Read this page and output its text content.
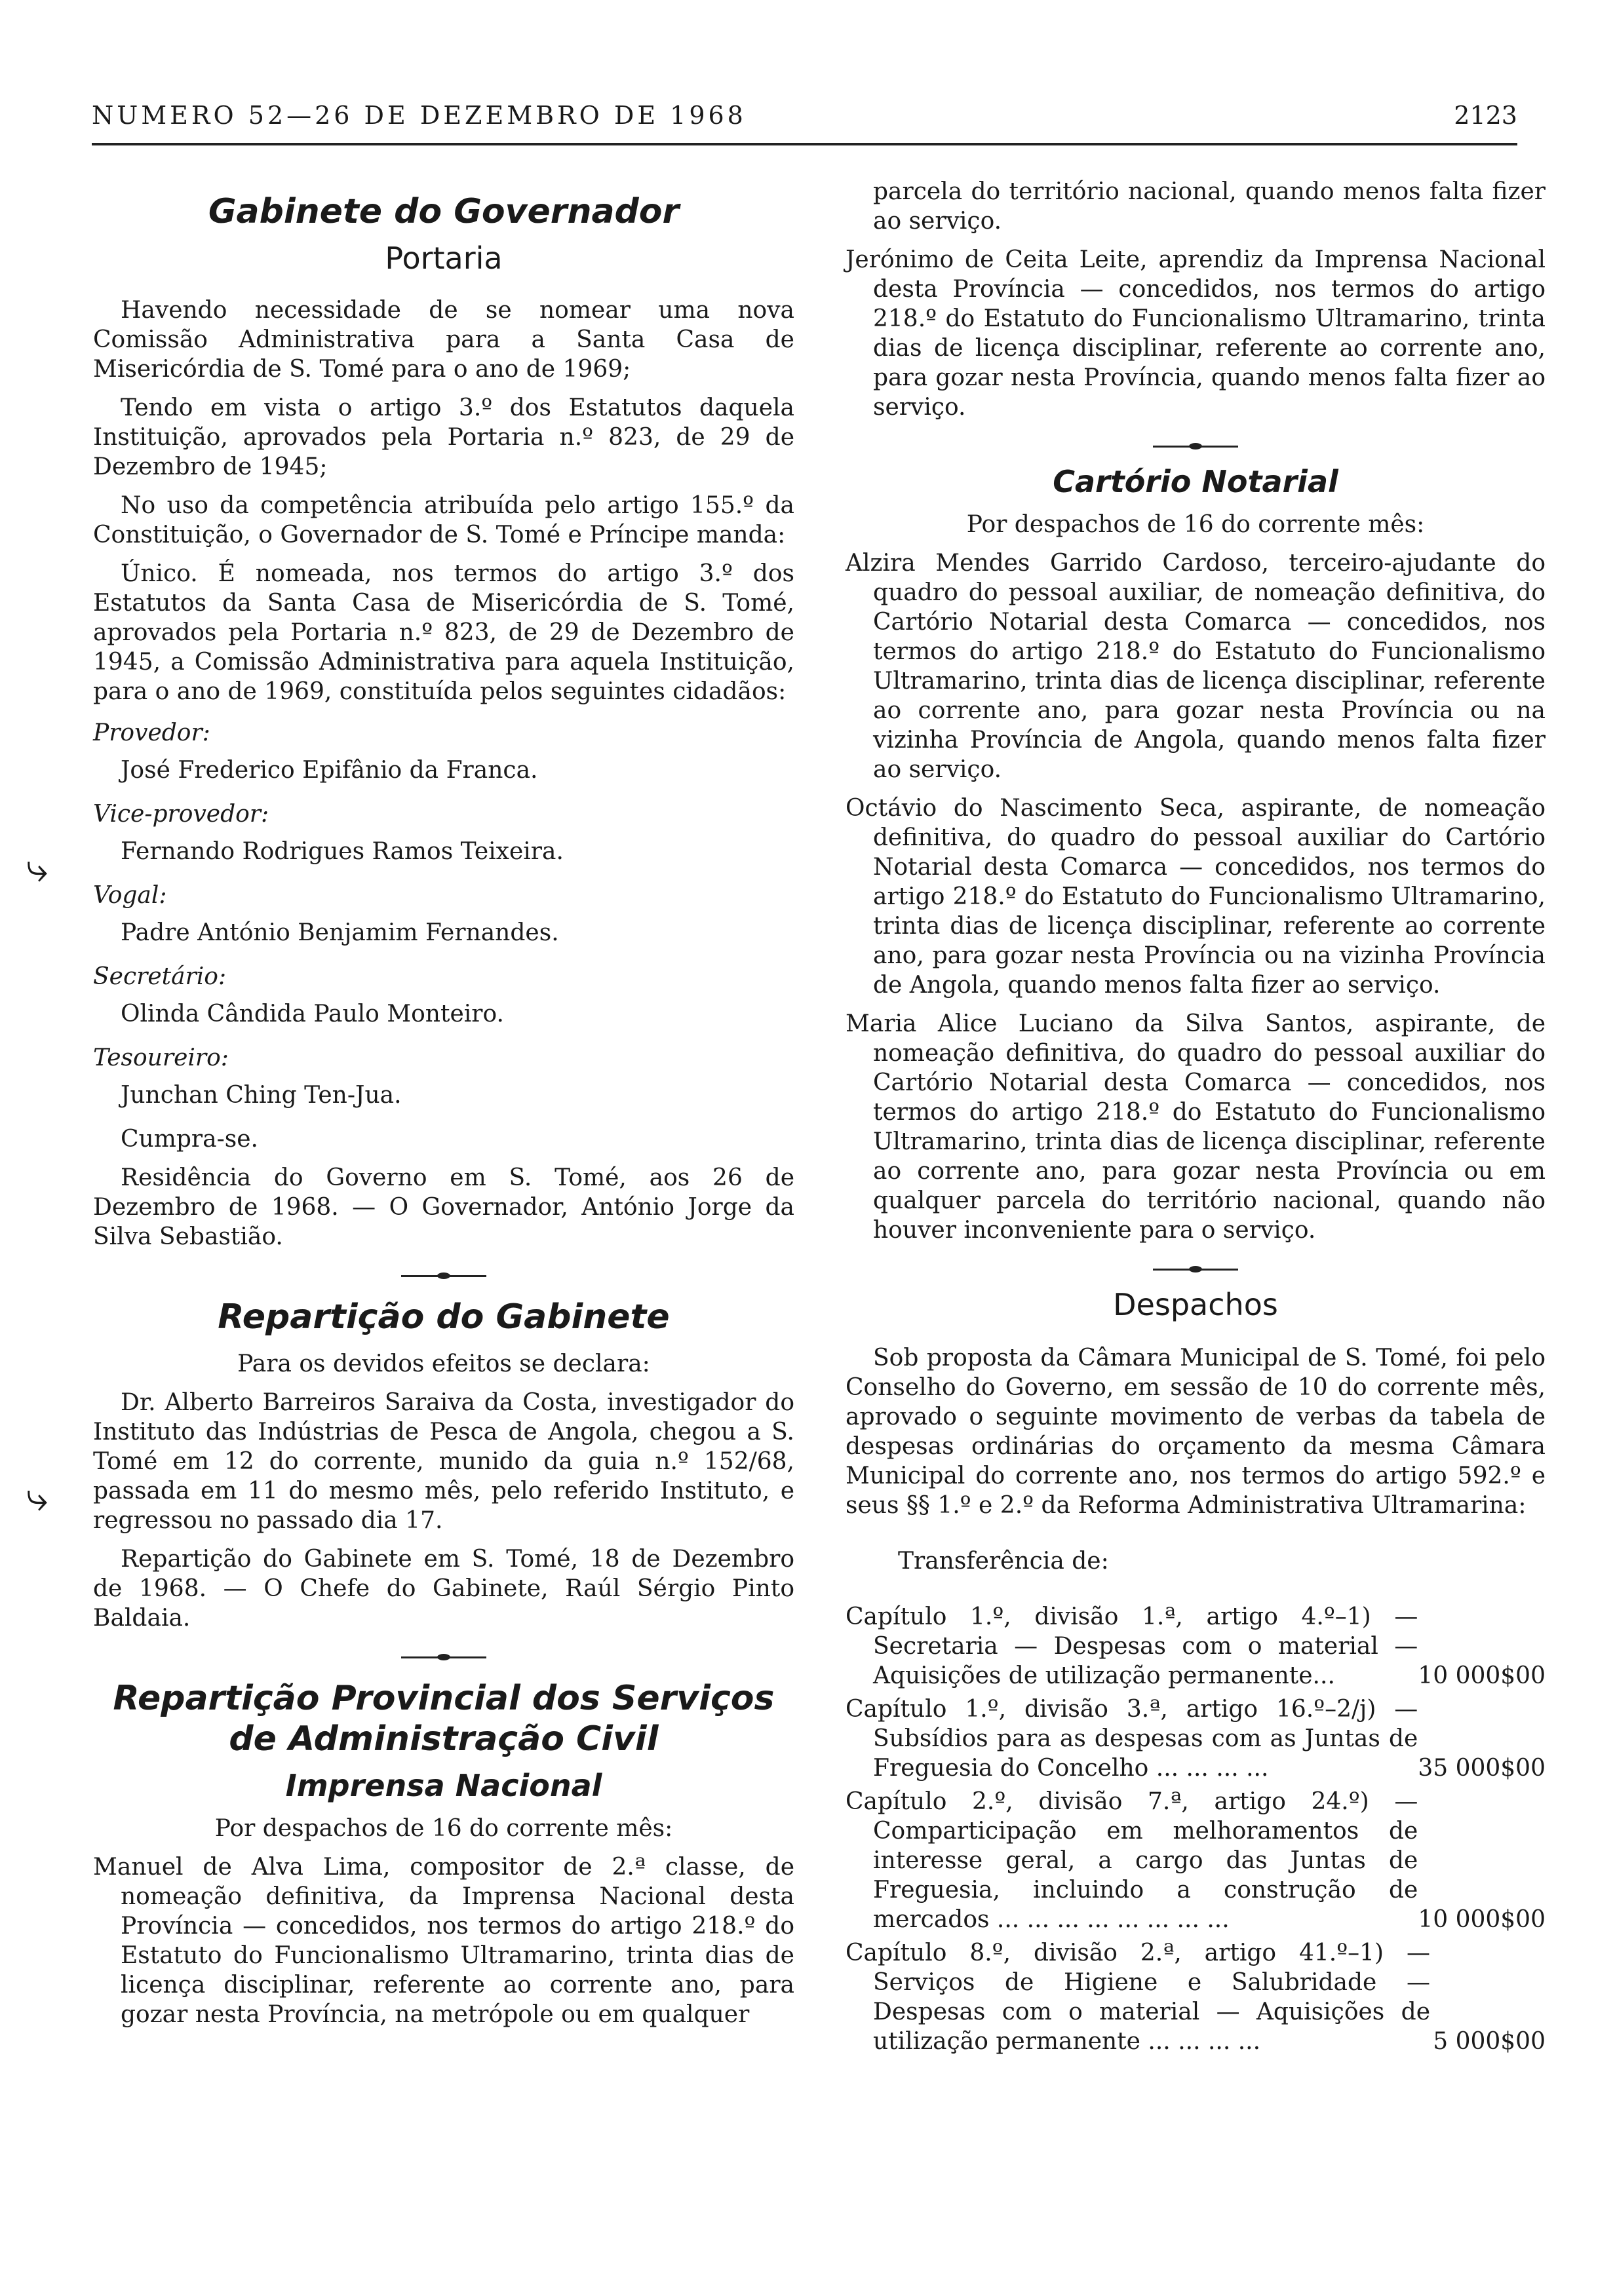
NUMERO 52—26 DE DEZEMBRO DE 1968	2123
⤷
⤷
Gabinete do Governador
Portaria

Havendo necessidade de se nomear uma nova Comissão Administrativa para a Santa Casa de Misericórdia de S. Tomé para o ano de 1969;

Tendo em vista o artigo 3.º dos Estatutos daquela Instituição, aprovados pela Portaria n.º 823, de 29 de Dezembro de 1945;

No uso da competência atribuída pelo artigo 155.º da Constituição, o Governador de S. Tomé e Príncipe manda:

Único. É nomeada, nos termos do artigo 3.º dos Estatutos da Santa Casa de Misericórdia de S. Tomé, aprovados pela Portaria n.º 823, de 29 de Dezembro de 1945, a Comissão Administrativa para aquela Instituição, para o ano de 1969, constituída pelos seguintes cidadãos:

Provedor:
José Frederico Epifânio da Franca.
Vice-provedor:
Fernando Rodrigues Ramos Teixeira.
Vogal:
Padre António Benjamim Fernandes.
Secretário:
Olinda Cândida Paulo Monteiro.
Tesoureiro:
Junchan Ching Ten-Jua.

Cumpra-se.

Residência do Governo em S. Tomé, aos 26 de Dezembro de 1968. — O Governador, António Jorge da Silva Sebastião.

Repartição do Gabinete

Para os devidos efeitos se declara:

Dr. Alberto Barreiros Saraiva da Costa, investigador do Instituto das Indústrias de Pesca de Angola, chegou a S. Tomé em 12 do corrente, munido da guia n.º 152/68, passada em 11 do mesmo mês, pelo referido Instituto, e regressou no passado dia 17.

Repartição do Gabinete em S. Tomé, 18 de Dezembro de 1968. — O Chefe do Gabinete, Raúl Sérgio Pinto Baldaia.

Repartição Provincial dos Serviços
de Administração Civil
Imprensa Nacional

Por despachos de 16 do corrente mês:

Manuel de Alva Lima, compositor de 2.ª classe, de nomeação definitiva, da Imprensa Nacional desta Província — concedidos, nos termos do artigo 218.º do Estatuto do Funcionalismo Ultramarino, trinta dias de licença disciplinar, referente ao corrente ano, para gozar nesta Província, na metrópole ou em qualquer

parcela do território nacional, quando menos falta fizer ao serviço.

Jerónimo de Ceita Leite, aprendiz da Imprensa Nacional desta Província — concedidos, nos termos do artigo 218.º do Estatuto do Funcionalismo Ultramarino, trinta dias de licença disciplinar, referente ao corrente ano, para gozar nesta Província, quando menos falta fizer ao serviço.

Cartório Notarial

Por despachos de 16 do corrente mês:

Alzira Mendes Garrido Cardoso, terceiro-ajudante do quadro do pessoal auxiliar, de nomeação definitiva, do Cartório Notarial desta Comarca — concedidos, nos termos do artigo 218.º do Estatuto do Funcionalismo Ultramarino, trinta dias de licença disciplinar, referente ao corrente ano, para gozar nesta Província ou na vizinha Província de Angola, quando menos falta fizer ao serviço.

Octávio do Nascimento Seca, aspirante, de nomeação definitiva, do quadro do pessoal auxiliar do Cartório Notarial desta Comarca — concedidos, nos termos do artigo 218.º do Estatuto do Funcionalismo Ultramarino, trinta dias de licença disciplinar, referente ao corrente ano, para gozar nesta Província ou na vizinha Província de Angola, quando menos falta fizer ao serviço.

Maria Alice Luciano da Silva Santos, aspirante, de nomeação definitiva, do quadro do pessoal auxiliar do Cartório Notarial desta Comarca — concedidos, nos termos do artigo 218.º do Estatuto do Funcionalismo Ultramarino, trinta dias de licença disciplinar, referente ao corrente ano, para gozar nesta Província ou em qualquer parcela do território nacional, quando não houver inconveniente para o serviço.

Despachos

Sob proposta da Câmara Municipal de S. Tomé, foi pelo Conselho do Governo, em sessão de 10 do corrente mês, aprovado o seguinte movimento de verbas da tabela de despesas ordinárias do orçamento da mesma Câmara Municipal do corrente ano, nos termos do artigo 592.º e seus §§ 1.º e 2.º da Reforma Administrativa Ultramarina:

Transferência de:

Capítulo 1.º, divisão 1.ª, artigo 4.º–1) — Secretaria — Despesas com o material — Aquisições de utilização permanente...	10 000$00
Capítulo 1.º, divisão 3.ª, artigo 16.º–2/j) — Subsídios para as despesas com as Juntas de Freguesia do Concelho ... ... ... ...	35 000$00
Capítulo 2.º, divisão 7.ª, artigo 24.º) — Comparticipação em melhoramentos de interesse geral, a cargo das Juntas de Freguesia, incluindo a construção de mercados ... ... ... ... ... ... ... ...	10 000$00
Capítulo 8.º, divisão 2.ª, artigo 41.º–1) — Serviços de Higiene e Salubridade — Despesas com o material — Aquisições de utilização permanente ... ... ... ...	5 000$00
